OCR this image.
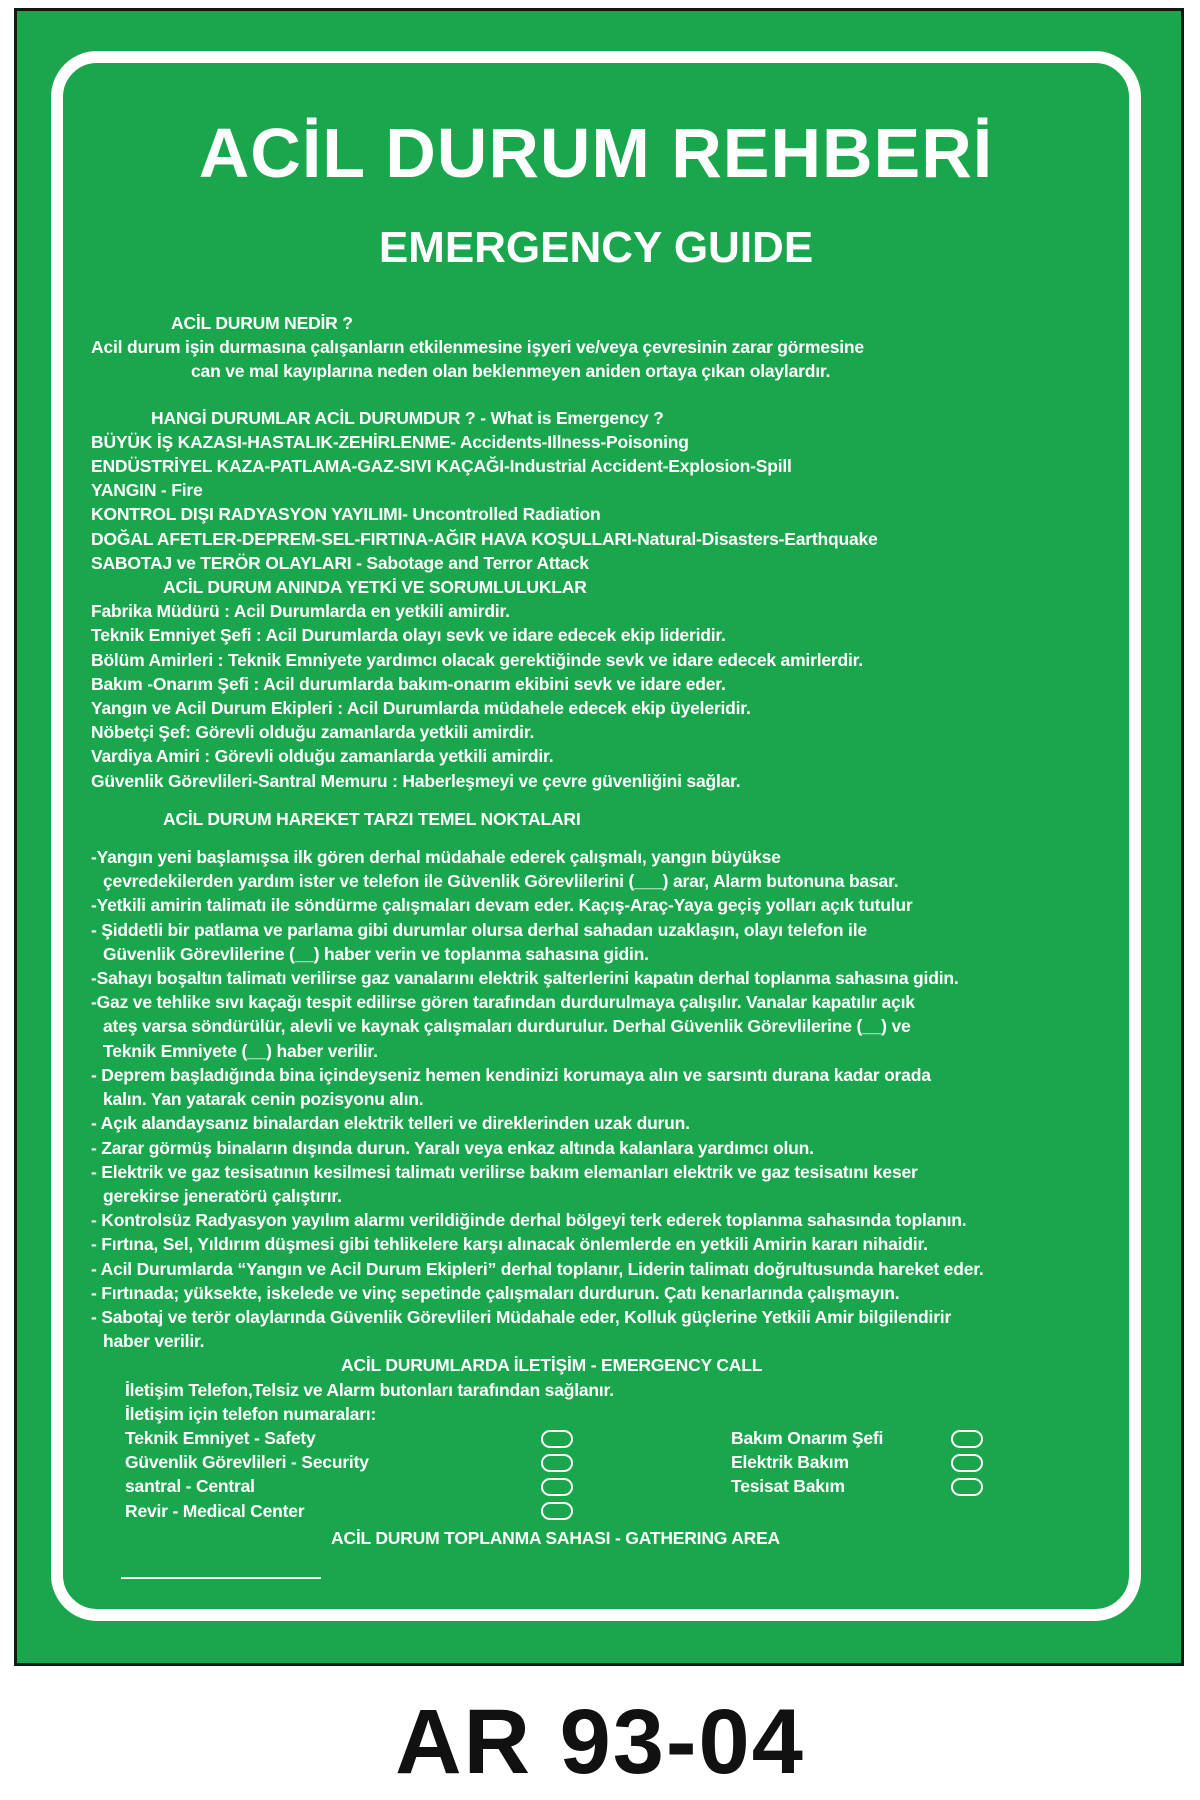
ACİL DURUM REHBERİ
EMERGENCY GUIDE

ACİL DURUM NEDİR ?

Acil durum işin durmasına çalışanların etkilenmesine işyeri ve/veya çevresinin zarar görmesine

can ve mal kayıplarına neden olan beklenmeyen aniden ortaya çıkan olaylardır.

HANGİ DURUMLAR ACİL DURUMDUR ? - What is Emergency ?

BÜYÜK İŞ KAZASI-HASTALIK-ZEHİRLENME- Accidents-Illness-Poisoning

ENDÜSTRİYEL KAZA-PATLAMA-GAZ-SIVI KAÇAĞI-Industrial Accident-Explosion-Spill

YANGIN - Fire

KONTROL DIŞI RADYASYON YAYILIMI- Uncontrolled Radiation

DOĞAL AFETLER-DEPREM-SEL-FIRTINA-AĞIR HAVA KOŞULLARI-Natural-Disasters-Earthquake

SABOTAJ ve TERÖR OLAYLARI - Sabotage and Terror Attack

ACİL DURUM ANINDA YETKİ VE SORUMLULUKLAR

Fabrika Müdürü : Acil Durumlarda en yetkili amirdir.

Teknik Emniyet Şefi : Acil Durumlarda olayı sevk ve idare edecek ekip lideridir.

Bölüm Amirleri : Teknik Emniyete yardımcı olacak gerektiğinde sevk ve idare edecek amirlerdir.

Bakım -Onarım Şefi : Acil durumlarda bakım-onarım ekibini sevk ve idare eder.

Yangın ve Acil Durum Ekipleri : Acil Durumlarda müdahele edecek ekip üyeleridir.

Nöbetçi Şef: Görevli olduğu zamanlarda yetkili amirdir.

Vardiya Amiri : Görevli olduğu zamanlarda yetkili amirdir.

Güvenlik Görevlileri-Santral Memuru : Haberleşmeyi ve çevre güvenliğini sağlar.

ACİL DURUM HAREKET TARZI TEMEL NOKTALARI

-Yangın yeni başlamışsa ilk gören derhal müdahale ederek çalışmalı, yangın büyükse

çevredekilerden yardım ister ve telefon ile Güvenlik Görevlilerini (___) arar, Alarm butonuna basar.

-Yetkili amirin talimatı ile söndürme çalışmaları devam eder. Kaçış-Araç-Yaya geçiş yolları açık tutulur

- Şiddetli bir patlama ve parlama gibi durumlar olursa derhal sahadan uzaklaşın, olayı telefon ile

Güvenlik Görevlilerine (__) haber verin ve toplanma sahasına gidin.

-Sahayı boşaltın talimatı verilirse gaz vanalarını elektrik şalterlerini kapatın derhal toplanma sahasına gidin.

-Gaz ve tehlike sıvı kaçağı tespit edilirse gören tarafından durdurulmaya çalışılır. Vanalar kapatılır açık

ateş varsa söndürülür, alevli ve kaynak çalışmaları durdurulur. Derhal Güvenlik Görevlilerine (__) ve

Teknik Emniyete (__) haber verilir.

- Deprem başladığında bina içindeyseniz hemen kendinizi korumaya alın ve sarsıntı durana kadar orada

kalın. Yan yatarak cenin pozisyonu alın.

- Açık alandaysanız binalardan elektrik telleri ve direklerinden uzak durun.

- Zarar görmüş binaların dışında durun. Yaralı veya enkaz altında kalanlara yardımcı olun.

- Elektrik ve gaz tesisatının kesilmesi talimatı verilirse bakım elemanları elektrik ve gaz tesisatını keser

gerekirse jeneratörü çalıştırır.

- Kontrolsüz Radyasyon yayılım alarmı verildiğinde derhal bölgeyi terk ederek toplanma sahasında toplanın.

- Fırtına, Sel, Yıldırım düşmesi gibi tehlikelere karşı alınacak önlemlerde en yetkili Amirin kararı nihaidir.

- Acil Durumlarda “Yangın ve Acil Durum Ekipleri” derhal toplanır, Liderin talimatı doğrultusunda hareket eder.

- Fırtınada; yüksekte, iskelede ve vinç sepetinde çalışmaları durdurun. Çatı kenarlarında çalışmayın.

- Sabotaj ve terör olaylarında Güvenlik Görevlileri Müdahale eder, Kolluk güçlerine Yetkili Amir bilgilendirir

haber verilir.

ACİL DURUMLARDA İLETİŞİM - EMERGENCY CALL

İletişim Telefon,Telsiz ve Alarm butonları tarafından sağlanır.

İletişim için telefon numaraları:

Teknik Emniyet - Safety

Güvenlik Görevlileri - Security

santral - Central

Revir - Medical Center

Bakım Onarım Şefi

Elektrik Bakım

Tesisat Bakım

ACİL DURUM TOPLANMA SAHASI - GATHERING AREA

AR 93-04
